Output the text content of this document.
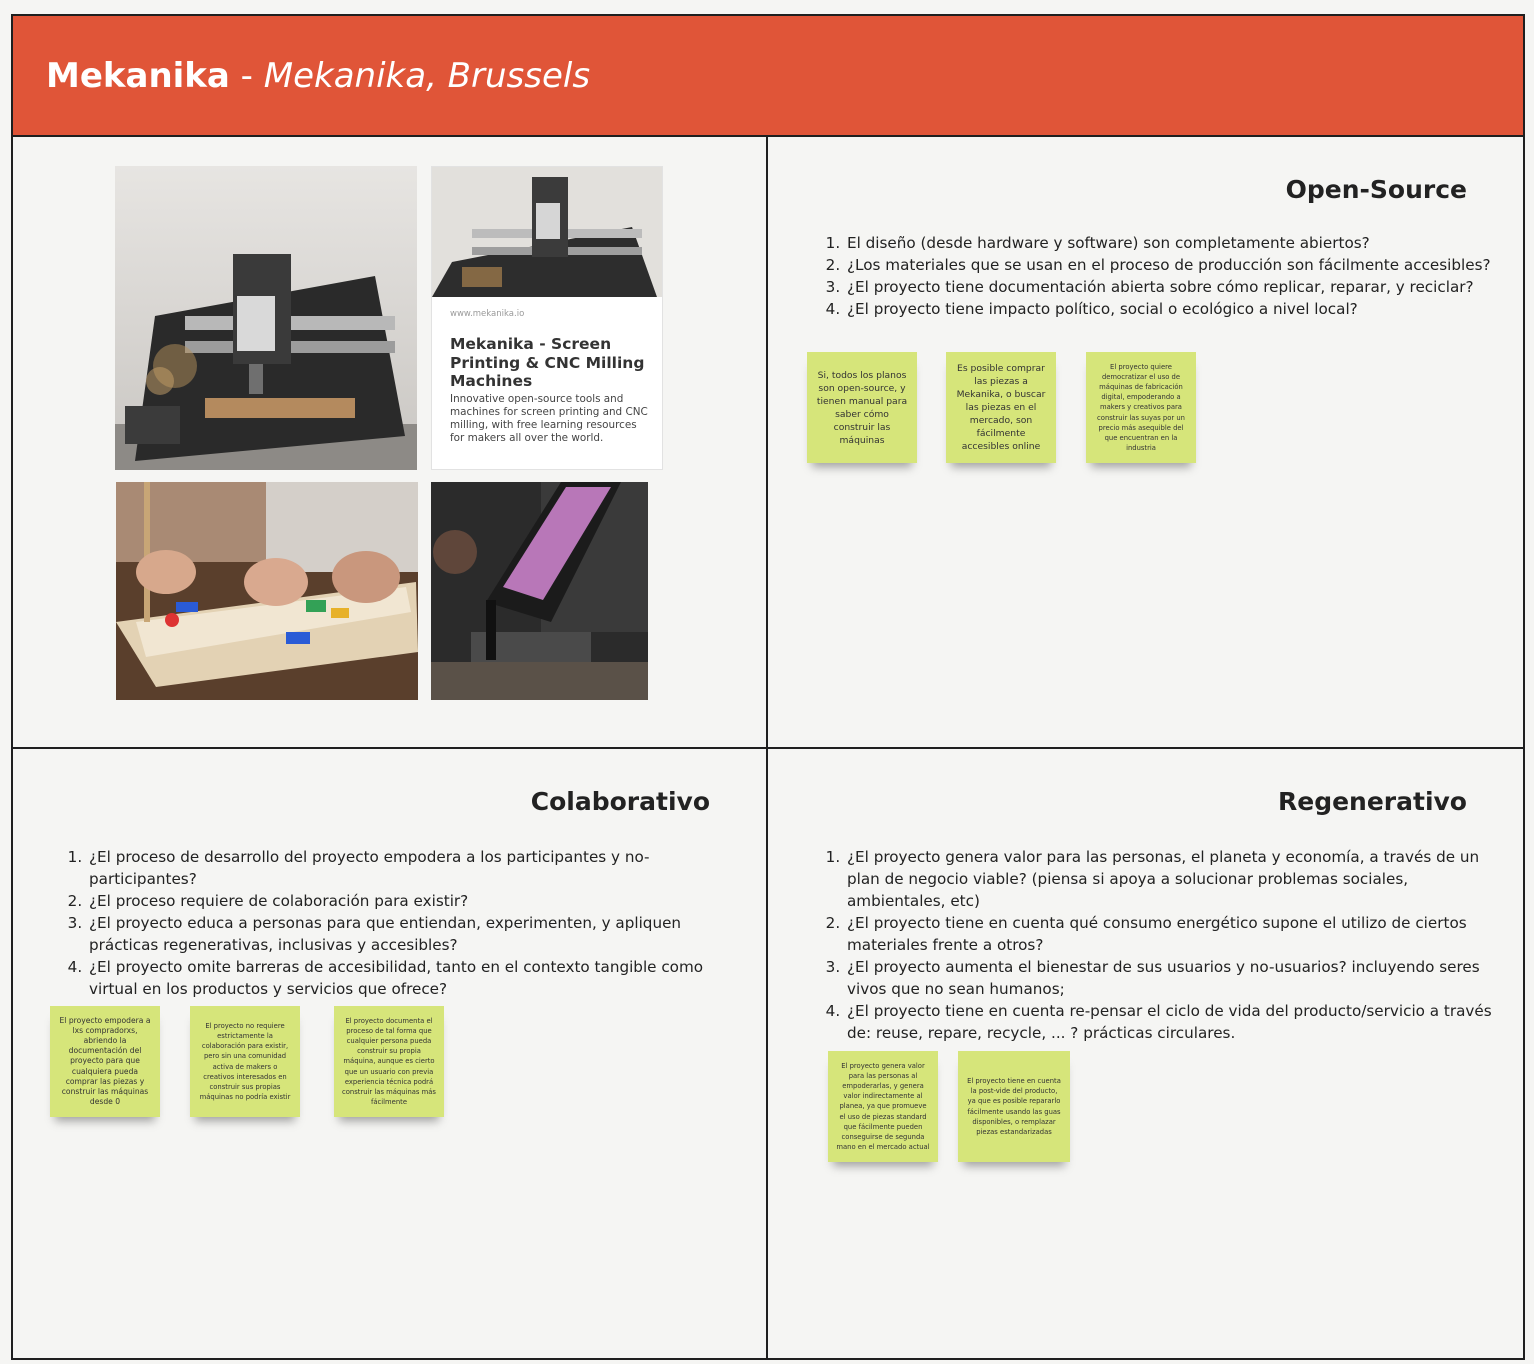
Mekanika - Mekanika, Brussels
www.mekanika.io
Mekanika - Screen Printing & CNC Milling Machines
Innovative open-source tools and machines for screen printing and CNC milling, with free learning resources for makers all over the world.
Open-Source
1. El diseño (desde hardware y software) son completamente abiertos?
2. ¿Los materiales que se usan en el proceso de producción son fácilmente accesibles?
3. ¿El proyecto tiene documentación abierta sobre cómo replicar, reparar, y reciclar?
4. ¿El proyecto tiene impacto político, social o ecológico a nivel local?
Si, todos los planos son open-source, y tienen manual para saber cómo construir las máquinas
Es posible comprar las piezas a Mekanika, o buscar las piezas en el mercado, son fácilmente accesibles online
El proyecto quiere democratizar el uso de máquinas de fabricación digital, empoderando a makers y creativos para construir las suyas por un precio más asequible del que encuentran en la industria
Colaborativo
1. ¿El proceso de desarrollo del proyecto empodera a los participantes y no-participantes?
2. ¿El proceso requiere de colaboración para existir?
3. ¿El proyecto educa a personas para que entiendan, experimenten, y apliquen prácticas regenerativas, inclusivas y accesibles?
4. ¿El proyecto omite barreras de accesibilidad, tanto en el contexto tangible como virtual en los productos y servicios que ofrece?
El proyecto empodera a lxs compradorxs, abriendo la documentación del proyecto para que cualquiera pueda comprar las piezas y construir las máquinas desde 0
El proyecto no requiere estrictamente la colaboración para existir, pero sin una comunidad activa de makers o creativos interesados en construir sus propias máquinas no podría existir
El proyecto documenta el proceso de tal forma que cualquier persona pueda construir su propia máquina, aunque es cierto que un usuario con previa experiencia técnica podrá construir las máquinas más fácilmente
Regenerativo
1. ¿El proyecto genera valor para las personas, el planeta y economía, a través de un plan de negocio viable? (piensa si apoya a solucionar problemas sociales, ambientales, etc)
2. ¿El proyecto tiene en cuenta qué consumo energético supone el utilizo de ciertos materiales frente a otros?
3. ¿El proyecto aumenta el bienestar de sus usuarios y no-usuarios? incluyendo seres vivos que no sean humanos;
4. ¿El proyecto tiene en cuenta re-pensar el ciclo de vida del producto/servicio a través de: reuse, repare, recycle, ... ? prácticas circulares.
El proyecto genera valor para las personas al empoderarlas, y genera valor indirectamente al planea, ya que promueve el uso de piezas standard que fácilmente pueden conseguirse de segunda mano en el mercado actual
El proyecto tiene en cuenta la post-vide del producto, ya que es posible repararlo fácilmente usando las guas disponibles, o remplazar piezas estandarizadas
